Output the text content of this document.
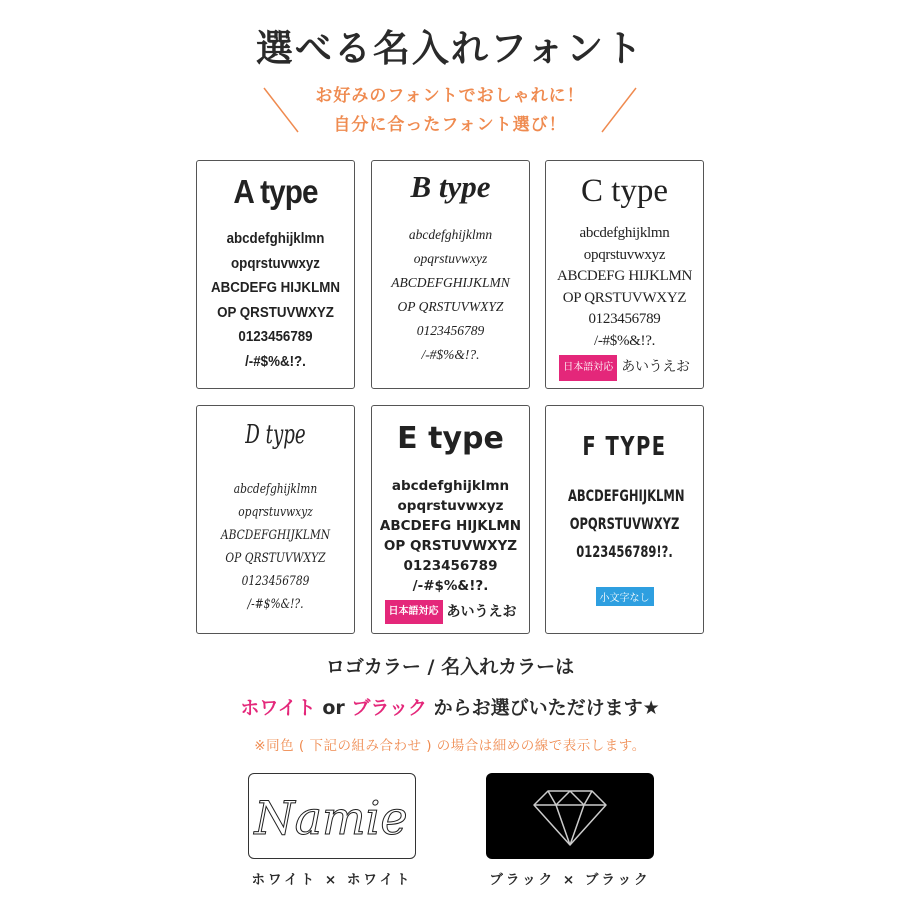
選べる名入れフォント
お好みのフォントでおしゃれに！
自分に合ったフォント選び！
A type
abcdefghijklmn
opqrstuvwxyz
ABCDEFG HIJKLMN
OP QRSTUVWXYZ
0123456789
/-#$%&!?.
B type
abcdefghijklmn
opqrstuvwxyz
ABCDEFGHIJKLMN
OP QRSTUVWXYZ
0123456789
/-#$%&!?.
C type
abcdefghijklmn
opqrstuvwxyz
ABCDEFG HIJKLMN
OP QRSTUVWXYZ
0123456789
/-#$%&!?.
日本語対応 あいうえお
D type
abcdefghijklmn
opqrstuvwxyz
ABCDEFGHIJKLMN
OP QRSTUVWXYZ
0123456789
/-#$%&!?.
E type
abcdefghijklmn
opqrstuvwxyz
ABCDEFG HIJKLMN
OP QRSTUVWXYZ
0123456789
/-#$%&!?.
日本語対応 あいうえお
F TYPE
ABCDEFGHIJKLMN
OPQRSTUVWXYZ
0123456789!?.
小文字なし
ロゴカラー / 名入れカラーは
ホワイト or ブラック からお選びいただけます★
※同色 ( 下記の組み合わせ ) の場合は細めの線で表示します。
Namie
ホワイト × ホワイト	ブラック × ブラック
